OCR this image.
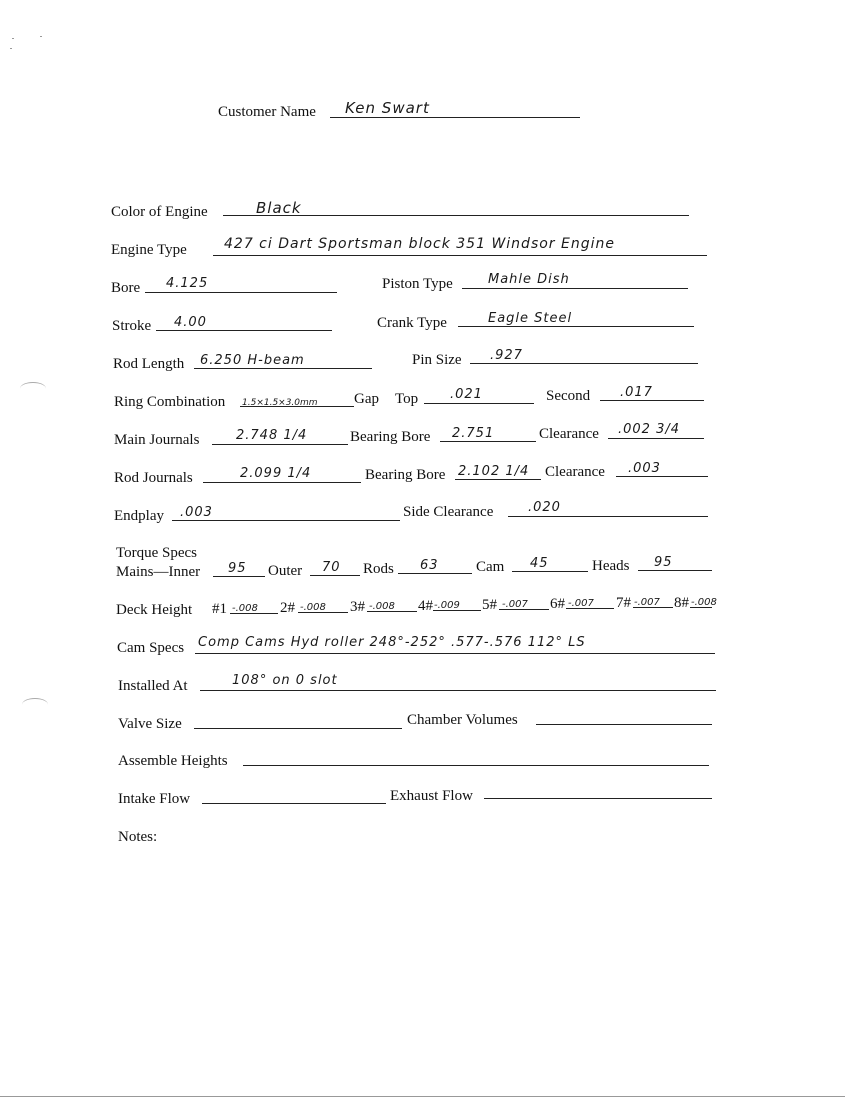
Customer Name Ken Swart
Color of Engine	Black
Engine Type	427 ci Dart Sportsman block 351 Windsor Engine
Bore 4.125	Piston Type	Mahle Dish
Stroke 4.00	Crank Type	Eagle Steel
Rod Length 6.250 H-beam	Pin Size .927
Ring Combination 1.5×1.5×3.0mm Gap Top .021	Second .017
Main Journals	2.748 1/4	Bearing Bore 2.751	Clearance .002 3/4
Rod Journals	2.099 1/4	Bearing Bore 2.102 1/4 Clearance .003
Endplay .003	Side Clearance	.020
Torque Specs
Mains—Inner 95 Outer 70 Rods 63 Cam 45	Heads 95
Deck Height #1 -.008 2# -.008 3# -.008 4# -.009 5# -.007 6# -.007 7# -.007 8# -.008
Cam Specs Comp Cams Hyd roller 248°-252° .577-.576 112° LS
Installed At	108° on 0 slot
Valve Size	Chamber Volumes
Assemble Heights
Intake Flow	Exhaust Flow
Notes:
